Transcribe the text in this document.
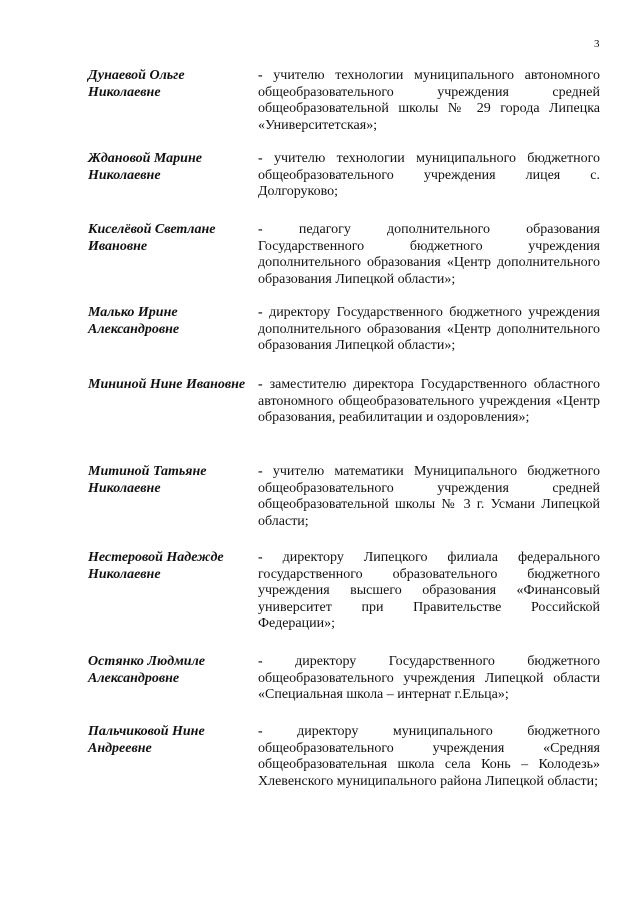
3
Дунаевой Ольге Николаевне
- учителю технологии муниципального автономного общеобразовательного учреждения средней общеобразовательной школы № 29 города Липецка «Университетская»;
Ждановой Марине Николаевне
- учителю технологии муниципального бюджетного общеобразовательного учреждения лицея с. Долгоруково;
Киселёвой Светлане Ивановне
- педагогу дополнительного образования Государственного бюджетного учреждения дополнительного образования «Центр дополнительного образования Липецкой области»;
Малько Ирине Александровне
- директору Государственного бюджетного учреждения дополнительного образования «Центр дополнительного образования Липецкой области»;
Мининой Нине Ивановне - заместителю директора Государственного областного автономного общеобразовательного учреждения «Центр образования, реабилитации и оздоровления»;
Митиной Татьяне Николаевне
- учителю математики Муниципального бюджетного общеобразовательного учреждения средней общеобразовательной школы № 3 г. Усмани Липецкой области;
Нестеровой Надежде Николаевне
- директору Липецкого филиала федерального государственного образовательного бюджетного учреждения высшего образования «Финансовый университет при Правительстве Российской Федерации»;
Остянко Людмиле Александровне
- директору Государственного бюджетного общеобразовательного учреждения Липецкой области «Специальная школа – интернат г.Ельца»;
Пальчиковой Нине Андреевне
- директору муниципального бюджетного общеобразовательного учреждения «Средняя общеобразовательная школа села Конь – Колодезь» Хлевенского муниципального района Липецкой области;
